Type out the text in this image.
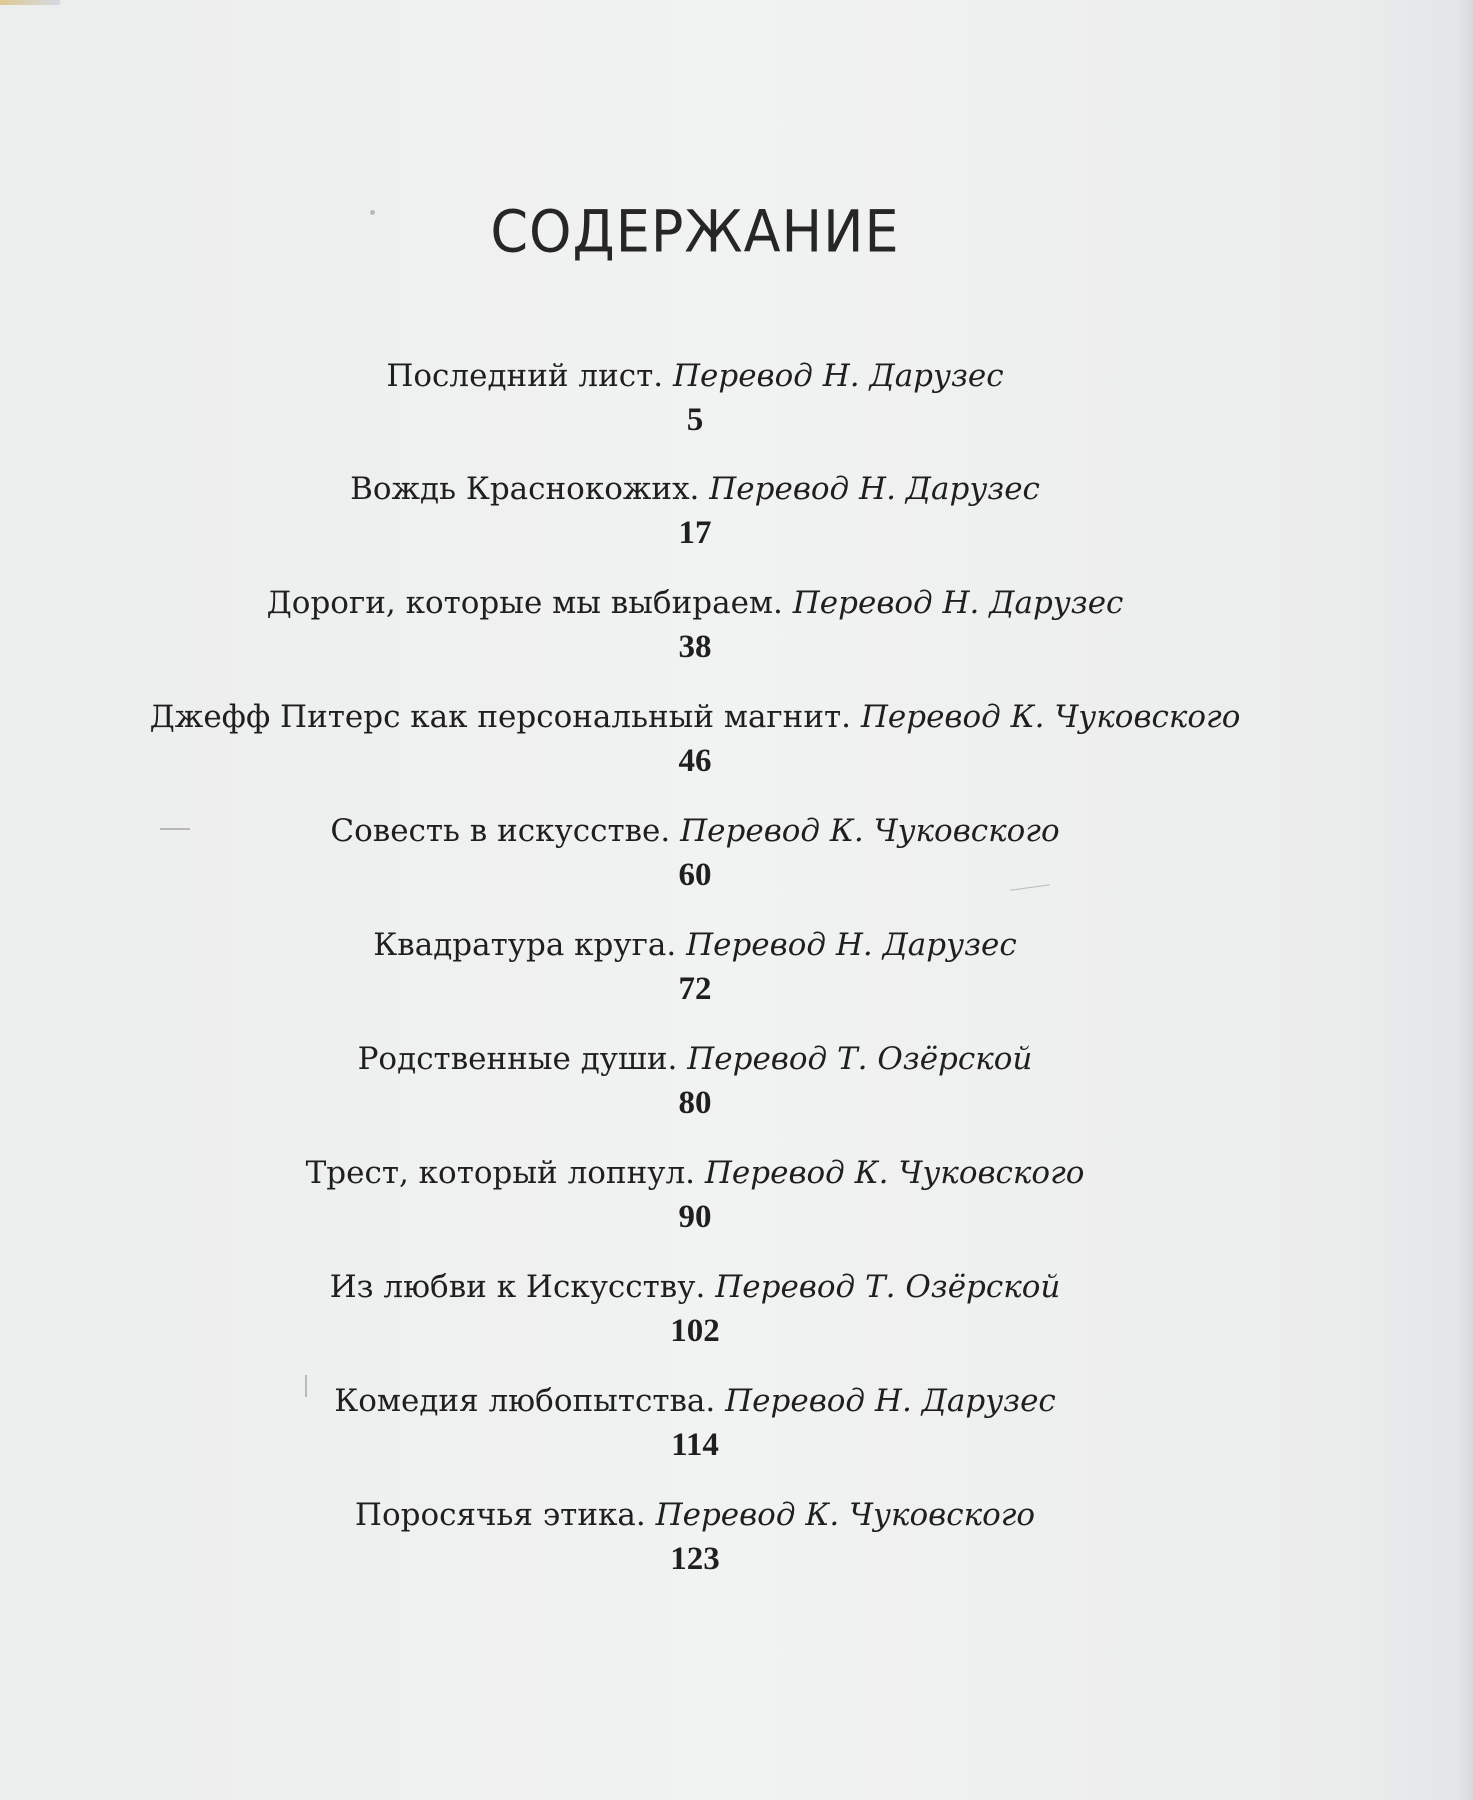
СОДЕРЖАНИЕ
Последний лист. Перевод Н. Дарузес
5
Вождь Краснокожих. Перевод Н. Дарузес
17
Дороги, которые мы выбираем. Перевод Н. Дарузес
38
Джефф Питерс как персональный магнит. Перевод К. Чуковского
46
Совесть в искусстве. Перевод К. Чуковского
60
Квадратура круга. Перевод Н. Дарузес
72
Родственные души. Перевод Т. Озёрской
80
Трест, который лопнул. Перевод К. Чуковского
90
Из любви к Искусству. Перевод Т. Озёрской
102
Комедия любопытства. Перевод Н. Дарузес
114
Поросячья этика. Перевод К. Чуковского
123
